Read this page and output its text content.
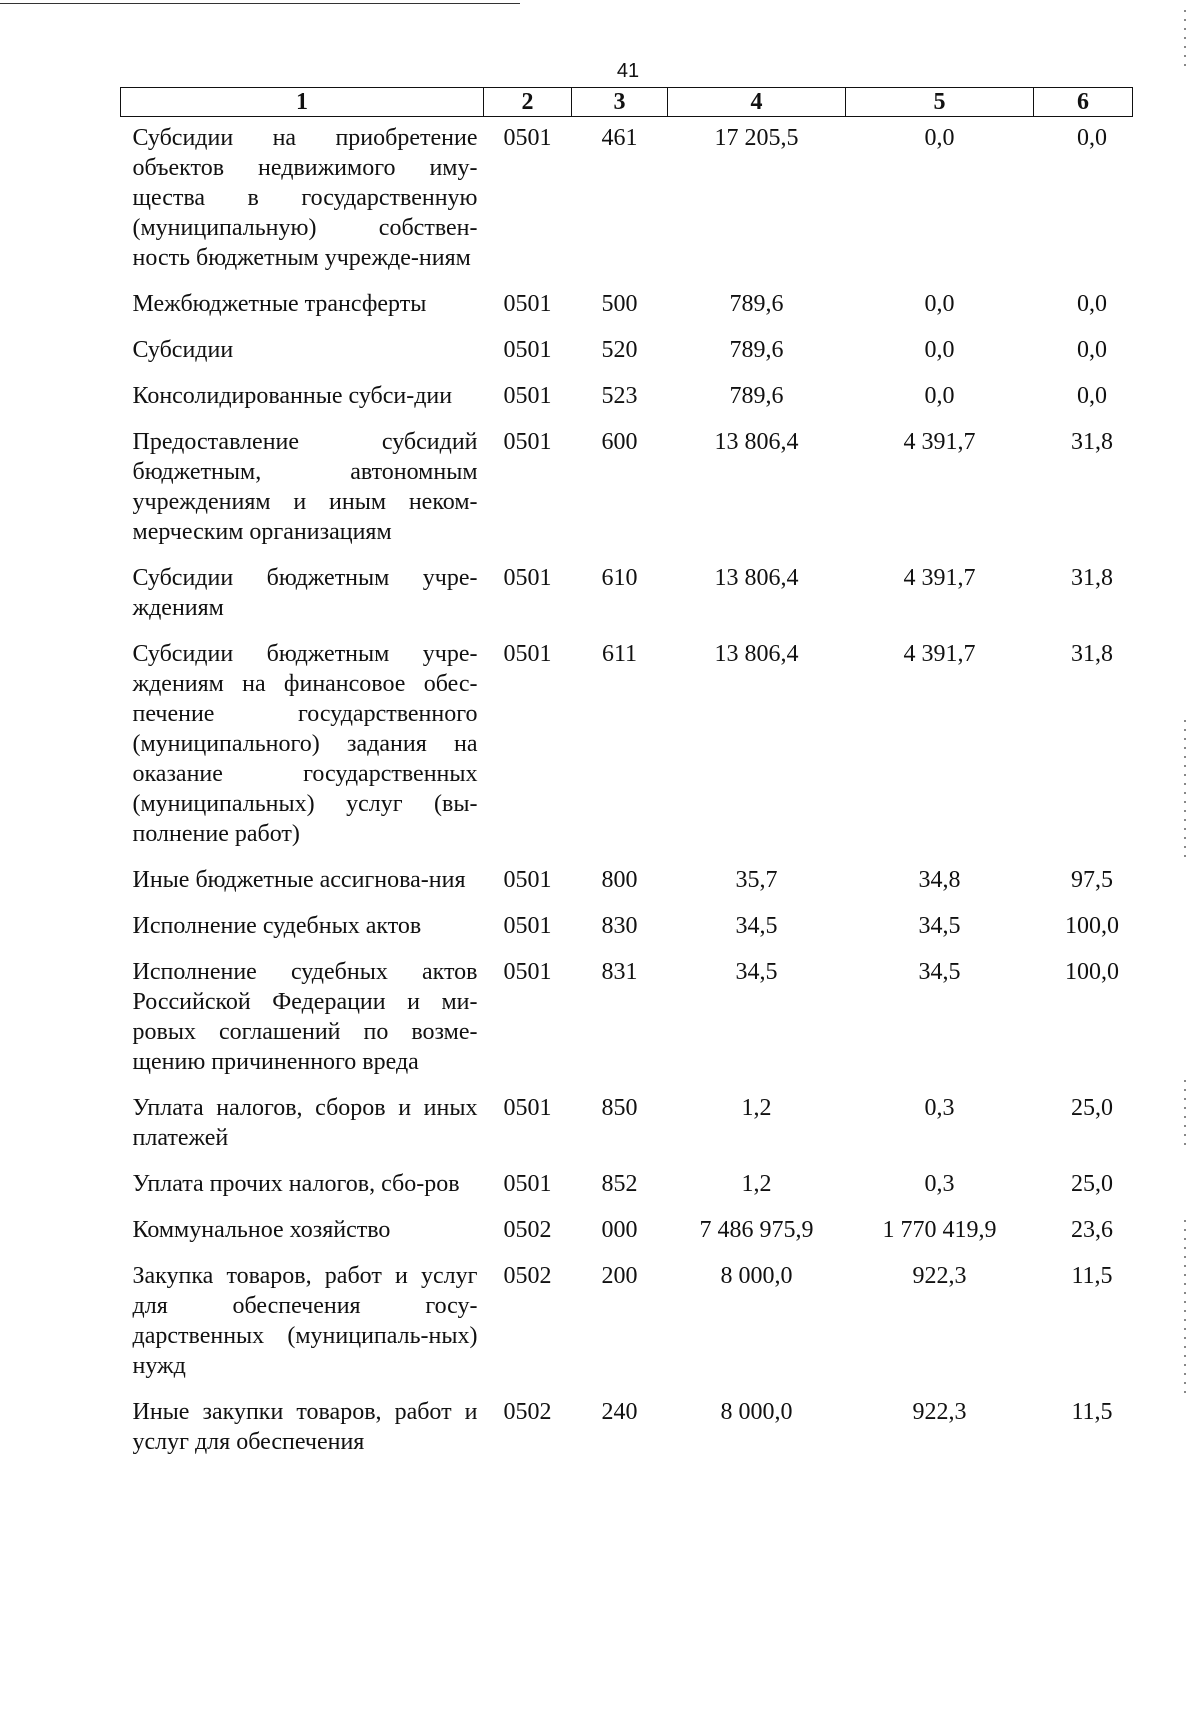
41
1	2	3	4	5	6
Субсидии на приобретение объектов недвижимого иму-щества в государственную (муниципальную) собствен-ность бюджетным учрежде-ниям	0501	461	17 205,5	0,0	0,0
Межбюджетные трансферты	0501	500	789,6	0,0	0,0
Субсидии	0501	520	789,6	0,0	0,0
Консолидированные субси-дии	0501	523	789,6	0,0	0,0
Предоставление субсидий бюджетным, автономным учреждениям и иным неком-мерческим организациям	0501	600	13 806,4	4 391,7	31,8
Субсидии бюджетным учре-ждениям	0501	610	13 806,4	4 391,7	31,8
Субсидии бюджетным учре-ждениям на финансовое обес-печение государственного (муниципального) задания на оказание государственных (муниципальных) услуг (вы-полнение работ)	0501	611	13 806,4	4 391,7	31,8
Иные бюджетные ассигнова-ния	0501	800	35,7	34,8	97,5
Исполнение судебных актов	0501	830	34,5	34,5	100,0
Исполнение судебных актов Российской Федерации и ми-ровых соглашений по возме-щению причиненного вреда	0501	831	34,5	34,5	100,0
Уплата налогов, сборов и иных платежей	0501	850	1,2	0,3	25,0
Уплата прочих налогов, сбо-ров	0501	852	1,2	0,3	25,0
Коммунальное хозяйство	0502	000	7 486 975,9	1 770 419,9	23,6
Закупка товаров, работ и услуг для обеспечения госу-дарственных (муниципаль-ных) нужд	0502	200	8 000,0	922,3	11,5
Иные закупки товаров, работ и услуг для обеспечения	0502	240	8 000,0	922,3	11,5
